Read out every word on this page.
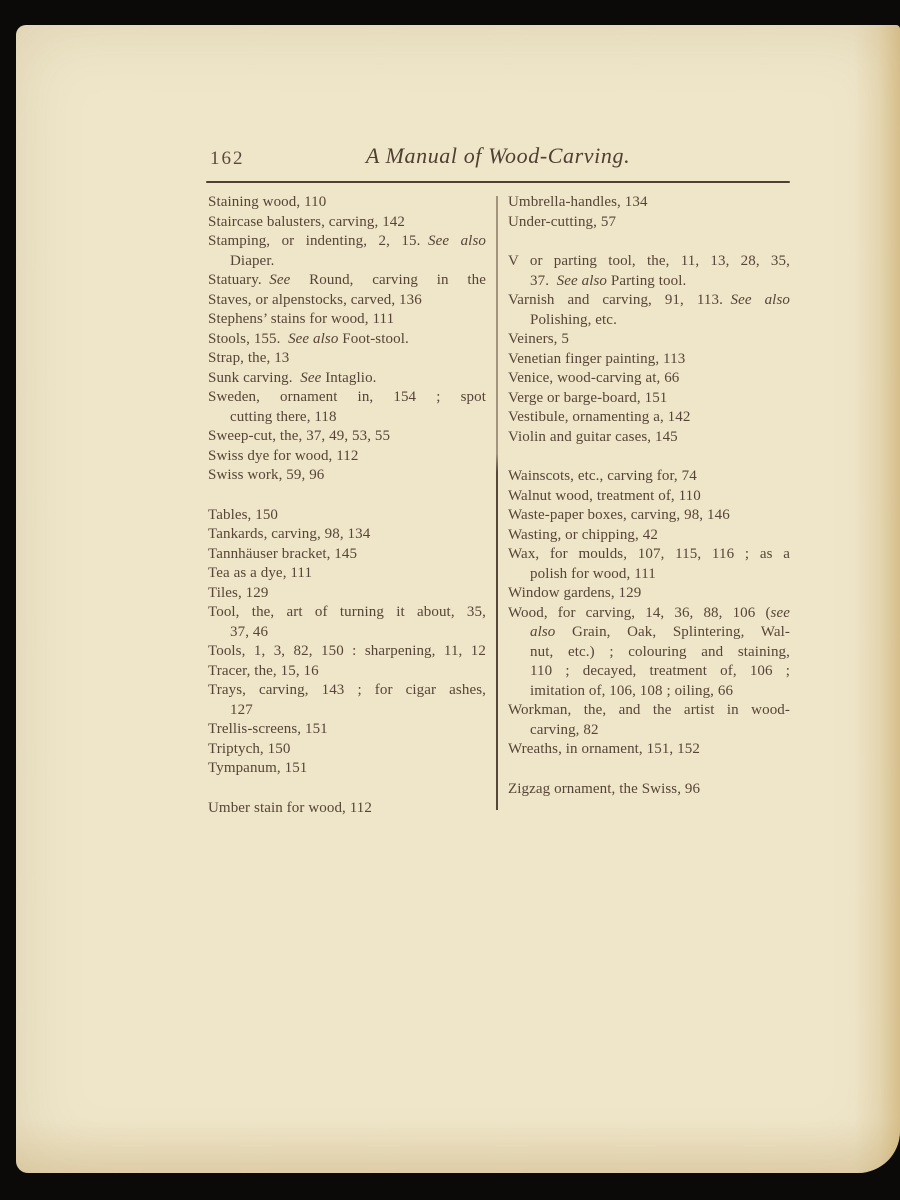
162	A Manual of Wood-Carving.
Staining wood, 110
Staircase balusters, carving, 142
Stamping, or indenting, 2, 15. See also
Diaper.
Statuary. See Round, carving in the
Staves, or alpenstocks, carved, 136
Stephens’ stains for wood, 111
Stools, 155. See also Foot-stool.
Strap, the, 13
Sunk carving. See Intaglio.
Sweden, ornament in, 154 ; spot
cutting there, 118
Sweep-cut, the, 37, 49, 53, 55
Swiss dye for wood, 112
Swiss work, 59, 96
Tables, 150
Tankards, carving, 98, 134
Tannhäuser bracket, 145
Tea as a dye, 111
Tiles, 129
Tool, the, art of turning it about, 35,
37, 46
Tools, 1, 3, 82, 150 : sharpening, 11, 12
Tracer, the, 15, 16
Trays, carving, 143 ; for cigar ashes,
127
Trellis-screens, 151
Triptych, 150
Tympanum, 151
Umber stain for wood, 112
Umbrella-handles, 134
Under-cutting, 57
V or parting tool, the, 11, 13, 28, 35,
37. See also Parting tool.
Varnish and carving, 91, 113. See also
Polishing, etc.
Veiners, 5
Venetian finger painting, 113
Venice, wood-carving at, 66
Verge or barge-board, 151
Vestibule, ornamenting a, 142
Violin and guitar cases, 145
Wainscots, etc., carving for, 74
Walnut wood, treatment of, 110
Waste-paper boxes, carving, 98, 146
Wasting, or chipping, 42
Wax, for moulds, 107, 115, 116 ; as a
polish for wood, 111
Window gardens, 129
Wood, for carving, 14, 36, 88, 106 (see
also Grain, Oak, Splintering, Wal-
nut, etc.) ; colouring and staining,
110 ; decayed, treatment of, 106 ;
imitation of, 106, 108 ; oiling, 66
Workman, the, and the artist in wood-
carving, 82
Wreaths, in ornament, 151, 152
Zigzag ornament, the Swiss, 96
